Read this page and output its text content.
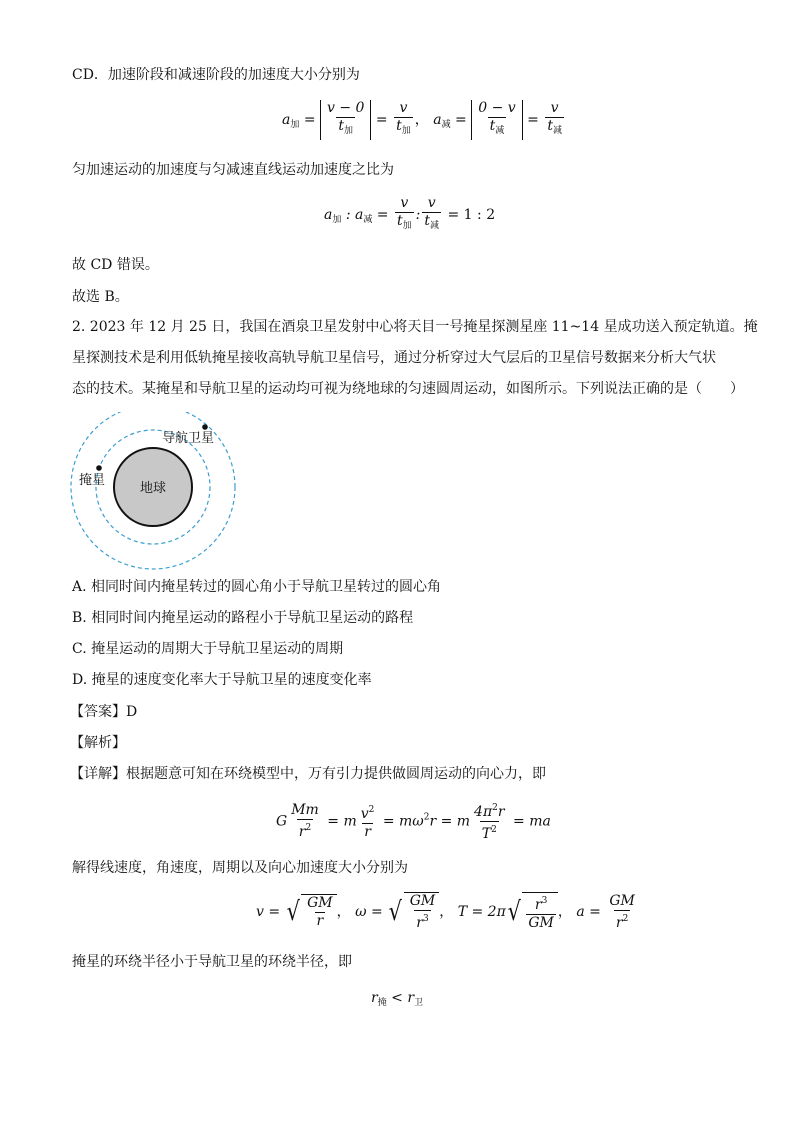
CD．加速阶段和减速阶段的加速度大小分别为
$a_加 = \frac{v - 0}{t_加} = \frac{v}{t_加}$ ， $a_减 = \frac{0 - v}{t_减} = \frac{v}{t_减}$
匀加速运动的加速度与匀减速直线运动加速度之比为
$a_加$ : $a_减 = \frac{v}{t_加}$ : $\frac{v}{t_减} = 1$ : 2
故 CD 错误。
故选 B。
2. 2023 年 12 月 25 日，我国在酒泉卫星发射中心将天目一号掩星探测星座 11~14 星成功送入预定轨道。掩
星探测技术是利用低轨掩星接收高轨导航卫星信号，通过分析穿过大气层后的卫星信号数据来分析大气状
态的技术。某掩星和导航卫星的运动均可视为绕地球的匀速圆周运动，如图所示。下列说法正确的是（　　）
地球
导航卫星
掩星
A. 相同时间内掩星转过的圆心角小于导航卫星转过的圆心角
B. 相同时间内掩星运动的路程小于导航卫星运动的路程
C. 掩星运动的周期大于导航卫星运动的周期
D. 掩星的速度变化率大于导航卫星的速度变化率
【答案】D
【解析】
【详解】根据题意可知在环绕模型中，万有引力提供做圆周运动的向心力，即
G $\frac{Mm}{r^2} = m \frac{v^2}{r} = m\omega^2r = m \frac{4\pi^2r}{T^2}$ = ma
解得线速度，角速度，周期以及向心加速度大小分别为
v = √ $\frac{GM}{r}$ ， ω = √ $\frac{GM}{r^3}$ ， T = 2π √ $\frac{r^3}{GM}$ ， $a = \frac{GM}{r^2}$
掩星的环绕半径小于导航卫星的环绕半径，即
$r_掩 < r_卫$
